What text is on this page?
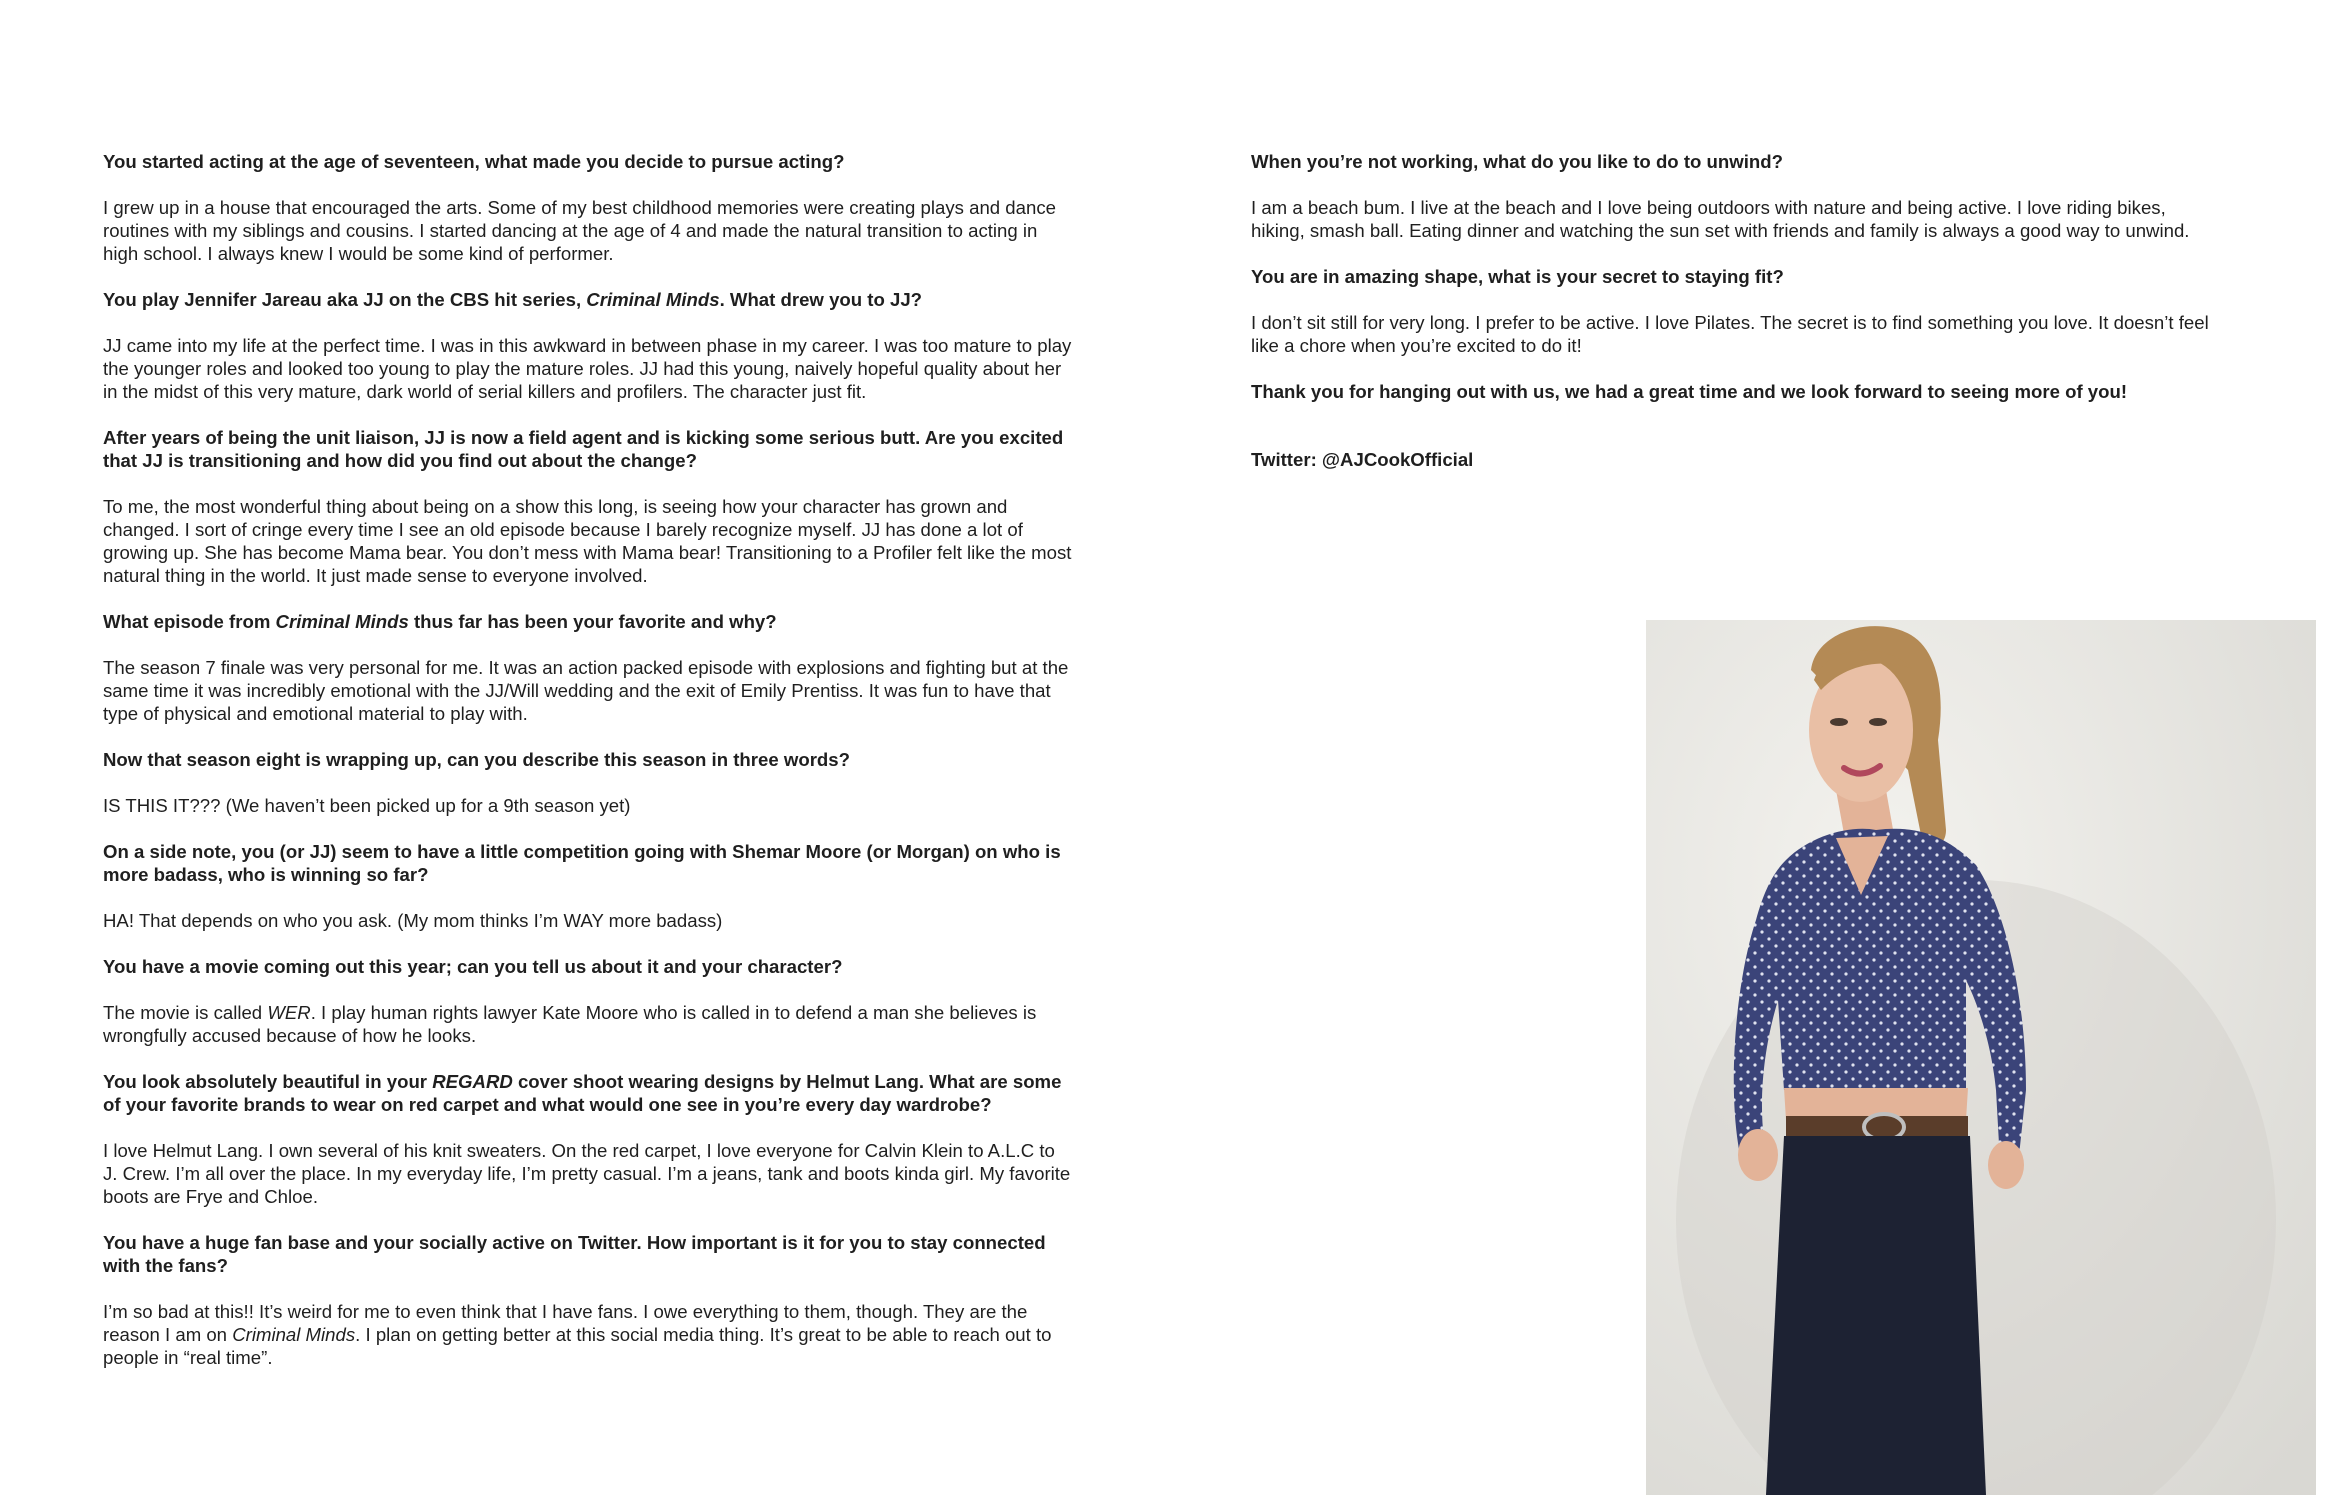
You started acting at the age of seventeen, what made you decide to pursue acting?

I grew up in a house that encouraged the arts. Some of my best childhood memories were creating plays and dance

routines with my siblings and cousins. I started dancing at the age of 4 and made the natural transition to acting in

high school. I always knew I would be some kind of performer.

You play Jennifer Jareau aka JJ on the CBS hit series, Criminal Minds. What drew you to JJ?

JJ came into my life at the perfect time. I was in this awkward in between phase in my career. I was too mature to play

the younger roles and looked too young to play the mature roles. JJ had this young, naively hopeful quality about her

in the midst of this very mature, dark world of serial killers and profilers. The character just fit.

After years of being the unit liaison, JJ is now a field agent and is kicking some serious butt. Are you excited

that JJ is transitioning and how did you find out about the change?

To me, the most wonderful thing about being on a show this long, is seeing how your character has grown and

changed. I sort of cringe every time I see an old episode because I barely recognize myself. JJ has done a lot of

growing up. She has become Mama bear. You don’t mess with Mama bear! Transitioning to a Profiler felt like the most

natural thing in the world. It just made sense to everyone involved.

What episode from Criminal Minds thus far has been your favorite and why?

The season 7 finale was very personal for me. It was an action packed episode with explosions and fighting but at the

same time it was incredibly emotional with the JJ/Will wedding and the exit of Emily Prentiss. It was fun to have that

type of physical and emotional material to play with.

Now that season eight is wrapping up, can you describe this season in three words?

IS THIS IT??? (We haven’t been picked up for a 9th season yet)

On a side note, you (or JJ) seem to have a little competition going with Shemar Moore (or Morgan) on who is

more badass, who is winning so far?

HA! That depends on who you ask. (My mom thinks I’m WAY more badass)

You have a movie coming out this year; can you tell us about it and your character?

The movie is called WER. I play human rights lawyer Kate Moore who is called in to defend a man she believes is

wrongfully accused because of how he looks.

You look absolutely beautiful in your REGARD cover shoot wearing designs by Helmut Lang. What are some

of your favorite brands to wear on red carpet and what would one see in you’re every day wardrobe?

I love Helmut Lang. I own several of his knit sweaters. On the red carpet, I love everyone for Calvin Klein to A.L.C to

J. Crew. I’m all over the place. In my everyday life, I’m pretty casual. I’m a jeans, tank and boots kinda girl. My favorite

boots are Frye and Chloe.

You have a huge fan base and your socially active on Twitter. How important is it for you to stay connected

with the fans?

I’m so bad at this!! It’s weird for me to even think that I have fans. I owe everything to them, though. They are the

reason I am on Criminal Minds. I plan on getting better at this social media thing. It’s great to be able to reach out to

people in “real time”.

When you’re not working, what do you like to do to unwind?

I am a beach bum. I live at the beach and I love being outdoors with nature and being active. I love riding bikes,

hiking, smash ball. Eating dinner and watching the sun set with friends and family is always a good way to unwind.

You are in amazing shape, what is your secret to staying fit?

I don’t sit still for very long. I prefer to be active. I love Pilates. The secret is to find something you love. It doesn’t feel

like a chore when you’re excited to do it!

Thank you for hanging out with us, we had a great time and we look forward to seeing more of you!
Twitter: @AJCookOfficial
